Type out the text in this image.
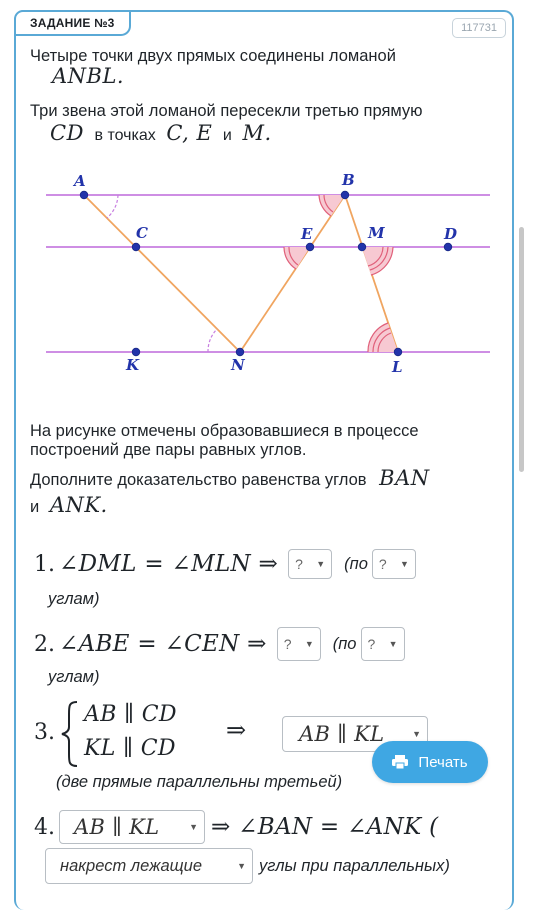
ЗАДАНИЕ №3	117731
Четыре точки двух прямых соединены ломаной
ANBL.
Три звена этой ломаной пересекли третью прямую
CD в точках C, E и M.
A	B
C	E	M	D
K	N	L
На рисунке отмечены образовавшиеся в процессе
построений две пары равных углов.
Дополните доказательство равенства углов BAN
и ANK.
1. ∠DML = ∠MLN ⇒ ? ▼ (по ? ▼
углам)
2. ∠ABE = ∠CEN ⇒ ? ▼ (по ? ▼
углам)
3.
AB ∥ CD
KL ∥ CD
⇒	AB ∥ KL	▼
(две прямые параллельны третьей)
Печать
4. AB ∥ KL	▼ ⇒ ∠BAN = ∠ANK (
накрест лежащие	▼ углы при параллельных)
